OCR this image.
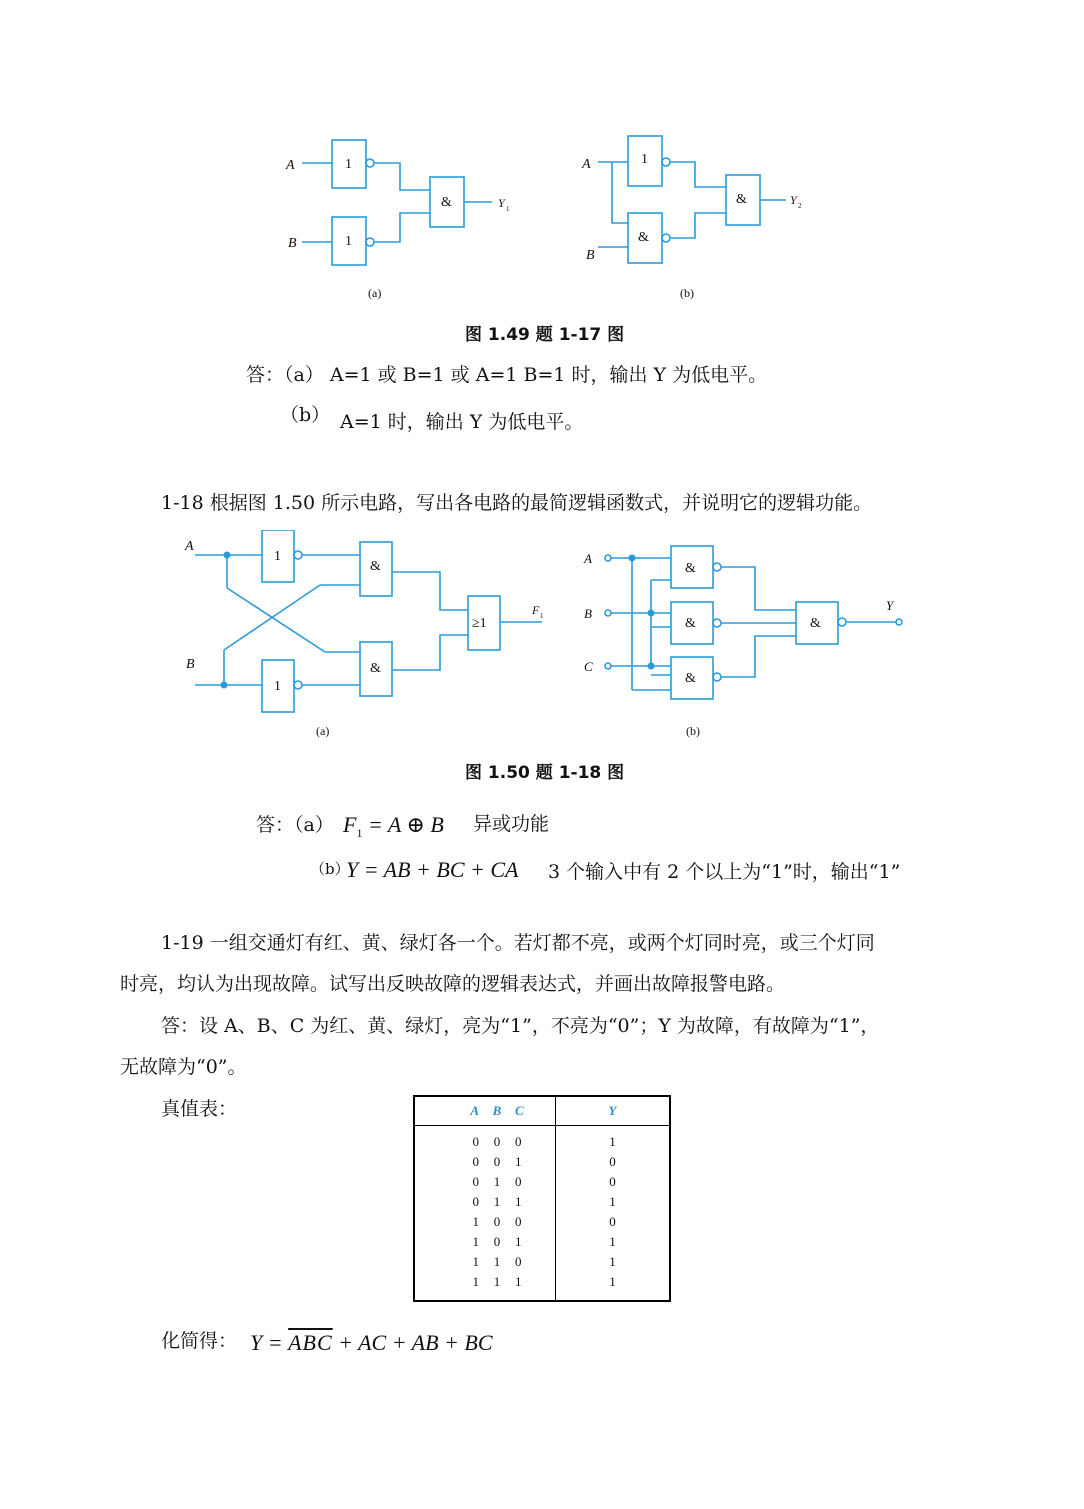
A
B
1
1
&	Y 1
(a)
A
B
1
&
&	Y 2
(b)
图 1.49 题 1-17 图
答：（a） A=1 或 B=1 或 A=1 B=1 时，输出 Y 为低电平。
（b） A=1 时，输出 Y 为低电平。
1-18 根据图 1.50 所示电路，写出各电路的最简逻辑函数式，并说明它的逻辑功能。
A
B
1
1
&
&
≥1
F 1
(a)
A
B
C
&
&
&
&
Y
(b)
图 1.50 题 1-18 图
答：（a） $F_1 = A$ ⊕ B 异或功能
（b）
Y = AB + BC + CA 3 个输入中有 2 个以上为“1”时，输出“1”
1-19 一组交通灯有红、黄、绿灯各一个。若灯都不亮，或两个灯同时亮，或三个灯同
时亮，均认为出现故障。试写出反映故障的逻辑表达式，并画出故障报警电路。
答：设 A、B、C 为红、黄、绿灯，亮为“1”，不亮为“0”；Y 为故障，有故障为“1”，
无故障为“0”。
真值表：	A	B	C	Y
0	0	0	1
0	0	1	0
0	1	0	0
0	1	1	1
1	0	0	0
1	0	1	1
1	1	0	1
1	1	1	1
化简得： $Y = \overline{ABC}$ + AC + AB + BC
